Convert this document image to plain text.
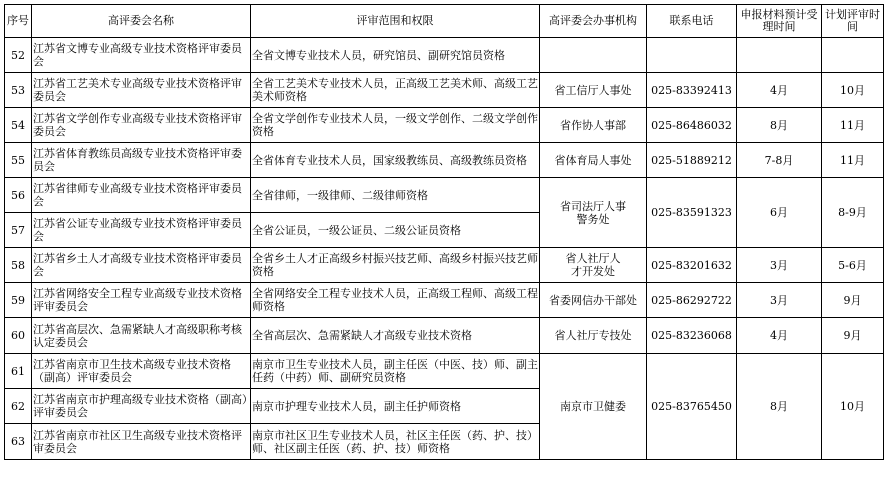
序号	高评委会名称	评审范围和权限	高评委会办事机构	联系电话	申报材料预计受理时间	计划评审时间
52	江苏省文博专业高级专业技术资格评审委员会	全省文博专业技术人员，研究馆员、副研究馆员资格				
53	江苏省工艺美术专业高级专业技术资格评审委员会	全省工艺美术专业技术人员，正高级工艺美术师、高级工艺美术师资格	省工信厅人事处	025-83392413	4月	10月
54	江苏省文学创作专业高级专业技术资格评审委员会	全省文学创作专业技术人员，一级文学创作、二级文学创作资格	省作协人事部	025-86486032	8月	11月
55	江苏省体育教练员高级专业技术资格评审委员会	全省体育专业技术人员，国家级教练员、高级教练员资格	省体育局人事处	025-51889212	7-8月	11月
56	江苏省律师专业高级专业技术资格评审委员会	全省律师，一级律师、二级律师资格	省司法厅人事警务处	025-83591323	6月	8-9月
57	江苏省公证专业高级专业技术资格评审委员会	全省公证员，一级公证员、二级公证员资格				
58	江苏省乡土人才高级专业技术资格评审委员会	全省乡土人才正高级乡村振兴技艺师、高级乡村振兴技艺师资格	省人社厅人才开发处	025-83201632	3月	5-6月
59	江苏省网络安全工程专业高级专业技术资格评审委员会	全省网络安全工程专业技术人员，正高级工程师、高级工程师资格	省委网信办干部处	025-86292722	3月	9月
60	江苏省高层次、急需紧缺人才高级职称考核认定委员会	全省高层次、急需紧缺人才高级专业技术资格	省人社厅专技处	025-83236068	4月	9月
61	江苏省南京市卫生技术高级专业技术资格（副高）评审委员会	南京市卫生专业技术人员，副主任医（中医、技）师、副主任药（中药）师、副研究员资格	南京市卫健委	025-83765450	8月	10月
62	江苏省南京市护理高级专业技术资格（副高）评审委员会	南京市护理专业技术人员，副主任护师资格				
63	江苏省南京市社区卫生高级专业技术资格评审委员会	南京市社区卫生专业技术人员，社区主任医（药、护、技）师、社区副主任医（药、护、技）师资格				
